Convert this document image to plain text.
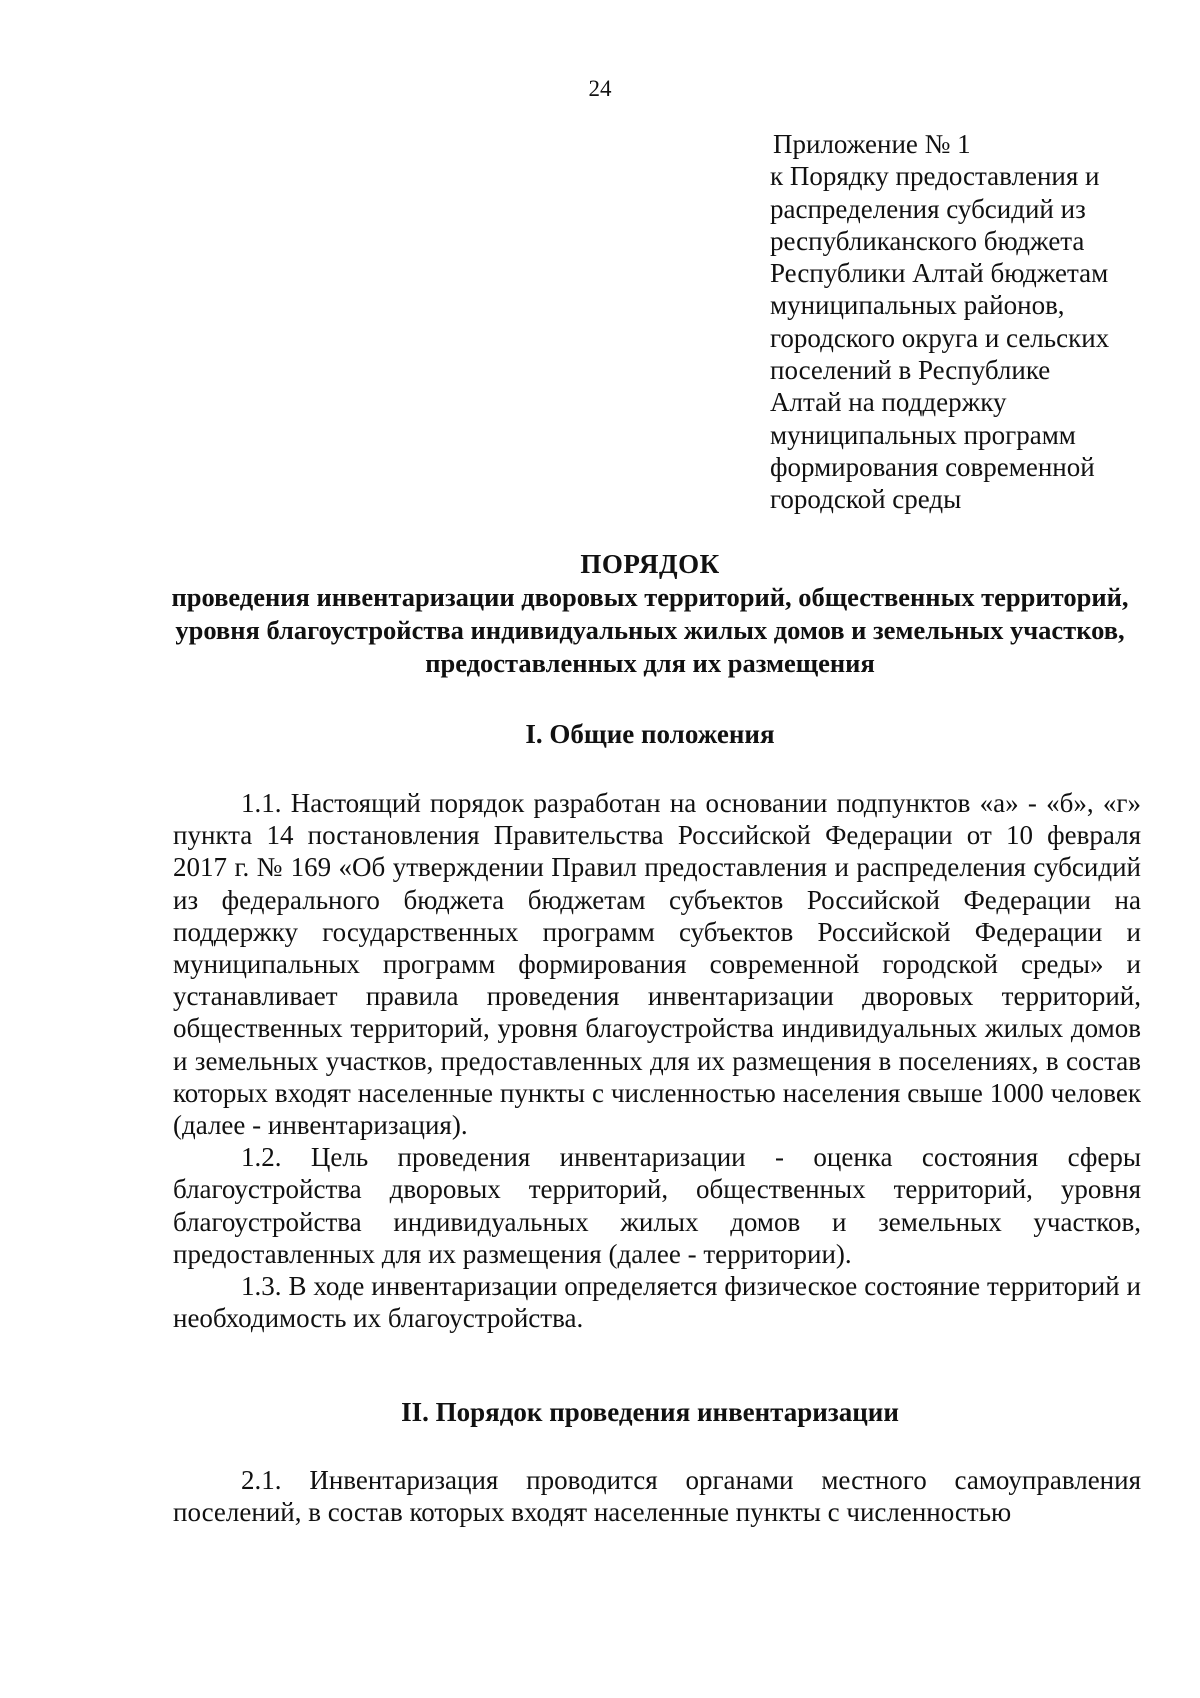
24
Приложение № 1
к Порядку предоставления и
распределения субсидий из
республиканского бюджета
Республики Алтай бюджетам
муниципальных районов,
городского округа и сельских
поселений в Республике
Алтай на поддержку
муниципальных программ
формирования современной
городской среды
ПОРЯДОК
проведения инвентаризации дворовых территорий, общественных территорий, уровня благоустройства индивидуальных жилых домов и земельных участков, предоставленных для их размещения
I. Общие положения

1.1. Настоящий порядок разработан на основании подпунктов «а» - «б», «г» пункта 14 постановления Правительства Российской Федерации от 10 февраля 2017 г. № 169 «Об утверждении Правил предоставления и распределения субсидий из федерального бюджета бюджетам субъектов Российской Федерации на поддержку государственных программ субъектов Российской Федерации и муниципальных программ формирования современной городской среды» и устанавливает правила проведения инвентаризации дворовых территорий, общественных территорий, уровня благоустройства индивидуальных жилых домов и земельных участков, предоставленных для их размещения в поселениях, в состав которых входят населенные пункты с численностью населения свыше 1000 человек (далее - инвентаризация).

1.2. Цель проведения инвентаризации - оценка состояния сферы благоустройства дворовых территорий, общественных территорий, уровня благоустройства индивидуальных жилых домов и земельных участков, предоставленных для их размещения (далее - территории).

1.3. В ходе инвентаризации определяется физическое состояние территорий и необходимость их благоустройства.

II. Порядок проведения инвентаризации

2.1. Инвентаризация проводится органами местного самоуправления поселений, в состав которых входят населенные пункты с численностью
